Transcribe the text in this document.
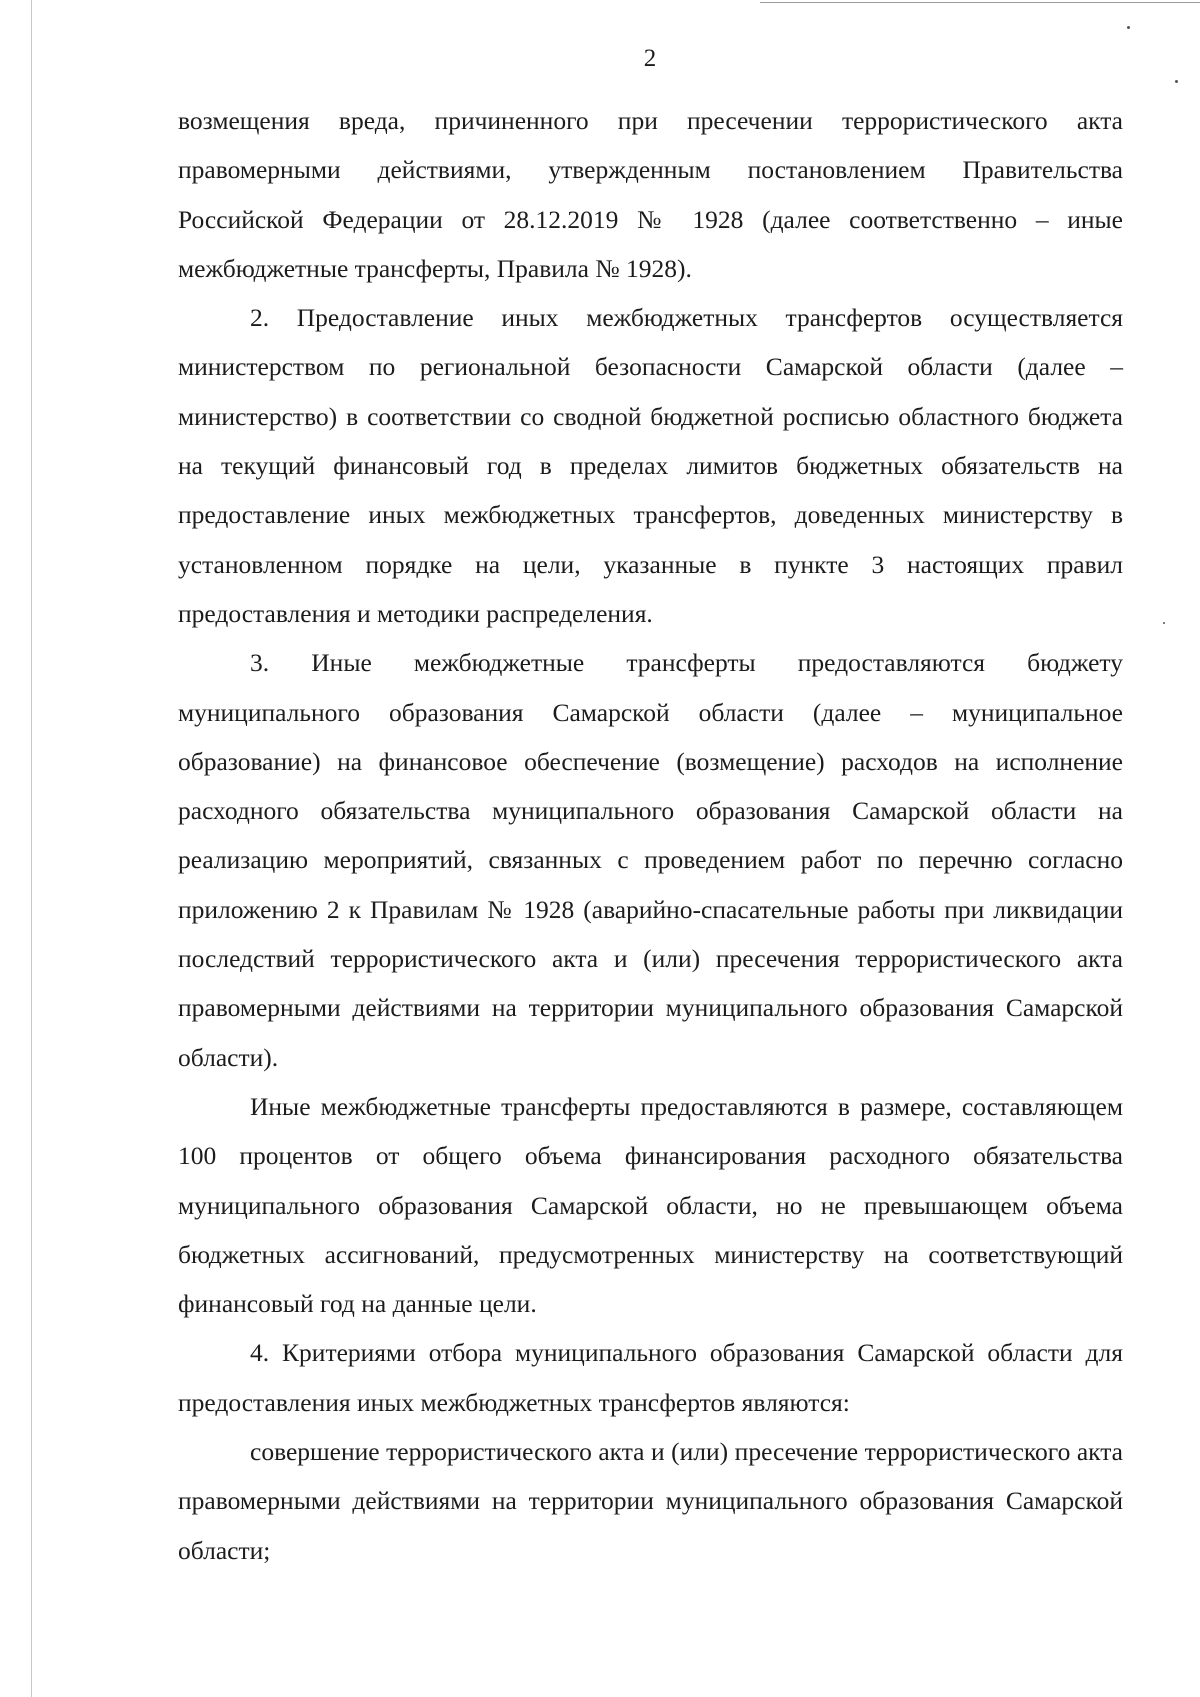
2

возмещения вреда, причиненного при пресечении террористического акта правомерными действиями, утвержденным постановлением Правительства Российской Федерации от 28.12.2019 № 1928 (далее соответственно – иные межбюджетные трансферты, Правила № 1928).

2. Предоставление иных межбюджетных трансфертов осуществляется министерством по региональной безопасности Самарской области (далее – министерство) в соответствии со сводной бюджетной росписью областного бюджета на текущий финансовый год в пределах лимитов бюджетных обязательств на предоставление иных межбюджетных трансфертов, доведенных министерству в установленном порядке на цели, указанные в пункте 3 настоящих правил предоставления и методики распределения.

3. Иные межбюджетные трансферты предоставляются бюджету муниципального образования Самарской области (далее – муниципальное образование) на финансовое обеспечение (возмещение) расходов на исполнение расходного обязательства муниципального образования Самарской области на реализацию мероприятий, связанных с проведением работ по перечню согласно приложению 2 к Правилам № 1928 (аварийно-спасательные работы при ликвидации последствий террористического акта и (или) пресечения террористического акта правомерными действиями на территории муниципального образования Самарской области).

Иные межбюджетные трансферты предоставляются в размере, составляющем 100 процентов от общего объема финансирования расходного обязательства муниципального образования Самарской области, но не превышающем объема бюджетных ассигнований, предусмотренных министерству на соответствующий финансовый год на данные цели.

4. Критериями отбора муниципального образования Самарской области для предоставления иных межбюджетных трансфертов являются:

совершение террористического акта и (или) пресечение террористического акта правомерными действиями на территории муниципального образования Самарской области;
